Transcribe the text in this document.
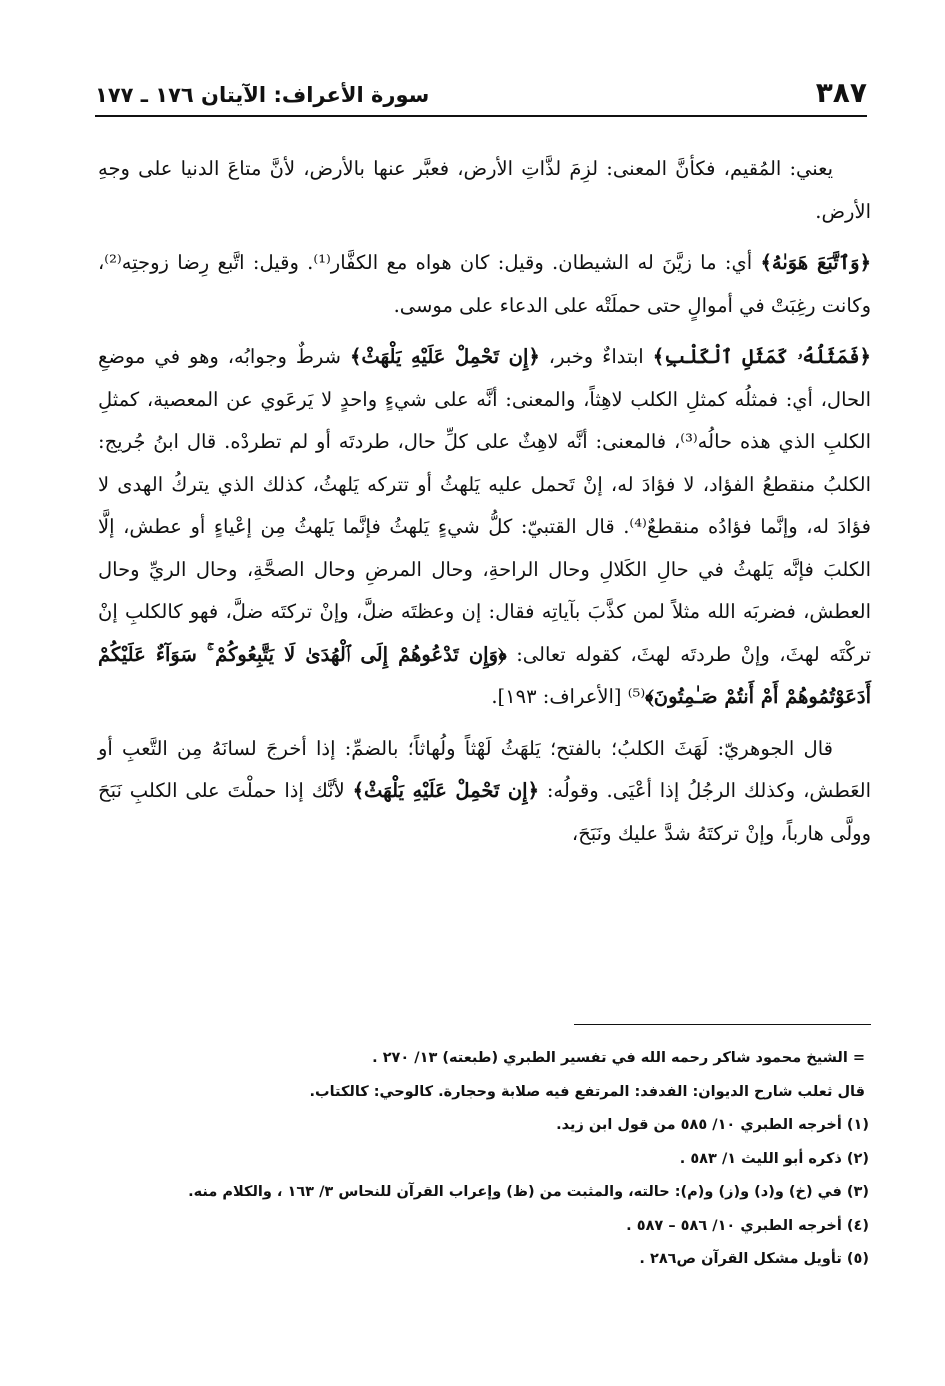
٣٨٧
سورة الأعراف: الآيتان ١٧٦ ـ ١٧٧

يعني: المُقيم، فكأنَّ المعنى: لزِمَ لذَّاتِ الأرض، فعبَّر عنها بالأرض، لأنَّ متاعَ الدنيا على وجهِ الأرض.

﴿وَٱتَّبَعَ هَوَىٰهُ﴾ أي: ما زيَّنَ له الشيطان. وقيل: كان هواه مع الكفَّار⁽¹⁾. وقيل: اتَّبع رِضا زوجتِه⁽²⁾، وكانت رغِبَتْ في أموالٍ حتى حملَتْه على الدعاء على موسى.

﴿فَمَثَلُهُۥ كَمَثَلِ ٱلْكَلْبِ﴾ ابتداءٌ وخبر، ﴿إِن تَحْمِلْ عَلَيْهِ يَلْهَثْ﴾ شرطٌ وجوابُه، وهو في موضعِ الحال، أي: فمثلُه كمثلِ الكلب لاهِثاً، والمعنى: أنَّه على شيءٍ واحدٍ لا يَرعَوي عن المعصية، كمثلِ الكلبِ الذي هذه حالُه⁽³⁾، فالمعنى: أنَّه لاهِثٌ على كلِّ حال، طردتَه أو لم تطردْه. قال ابنُ جُريج: الكلبُ منقطعُ الفؤاد، لا فؤادَ له، إنْ تَحمل عليه يَلهثُ أو تتركه يَلهثُ، كذلك الذي يتركُ الهدى لا فؤادَ له، وإنَّما فؤادُه منقطعٌ⁽⁴⁾. قال القتبيّ: كلُّ شيءٍ يَلهثُ فإنَّما يَلهثُ مِن إعْياءٍ أو عطش، إلَّا الكلبَ فإنَّه يَلهثُ في حالِ الكَلالِ وحال الراحةِ، وحال المرضِ وحال الصحَّةِ، وحال الريِّ وحال العطش، فضربَه الله مثلاً لمن كذَّبَ بآياتِه فقال: إن وعظتَه ضلَّ، وإنْ تركتَه ضلَّ، فهو كالكلبِ إنْ تركْتَه لهثَ، وإنْ طردتَه لهثَ، كقوله تعالى: ﴿وَإِن تَدْعُوهُمْ إِلَى ٱلْهُدَىٰ لَا يَتَّبِعُوكُمْ ۚ سَوَآءٌ عَلَيْكُمْ أَدَعَوْتُمُوهُمْ أَمْ أَنتُمْ صَـٰمِتُونَ﴾⁽⁵⁾ [الأعراف: ١٩٣].

قال الجوهريّ: لَهَثَ الكلبُ؛ بالفتح؛ يَلهَثُ لَهْثاً ولُهاثاً؛ بالضمِّ: إذا أخرجَ لسانَهُ مِن التَّعبِ أو العَطش، وكذلك الرجُلُ إذا أعْيَى. وقولُه: ﴿إِن تَحْمِلْ عَلَيْهِ يَلْهَثْ﴾ لأنَّك إذا حملْتَ على الكلبِ نَبَحَ وولَّى هارباً، وإنْ تركتَهُ شدَّ عليك ونَبَحَ،

= الشيخ محمود شاكر رحمه الله في تفسير الطبري (طبعته) ١٣/ ٢٧٠ .
قال ثعلب شارح الديوان: الفدفد: المرتفع فيه صلابة وحجارة. كالوحي: كالكتاب.
(١) أخرجه الطبري ١٠/ ٥٨٥ من قول ابن زيد.
(٢) ذكره أبو الليث ١/ ٥٨٣ .
(٣) في (خ) و(د) و(ز) و(م): حالته، والمثبت من (ظ) وإعراب القرآن للنحاس ٣/ ١٦٣ ، والكلام منه.
(٤) أخرجه الطبري ١٠/ ٥٨٦ – ٥٨٧ .
(٥) تأويل مشكل القرآن ص٢٨٦ .
